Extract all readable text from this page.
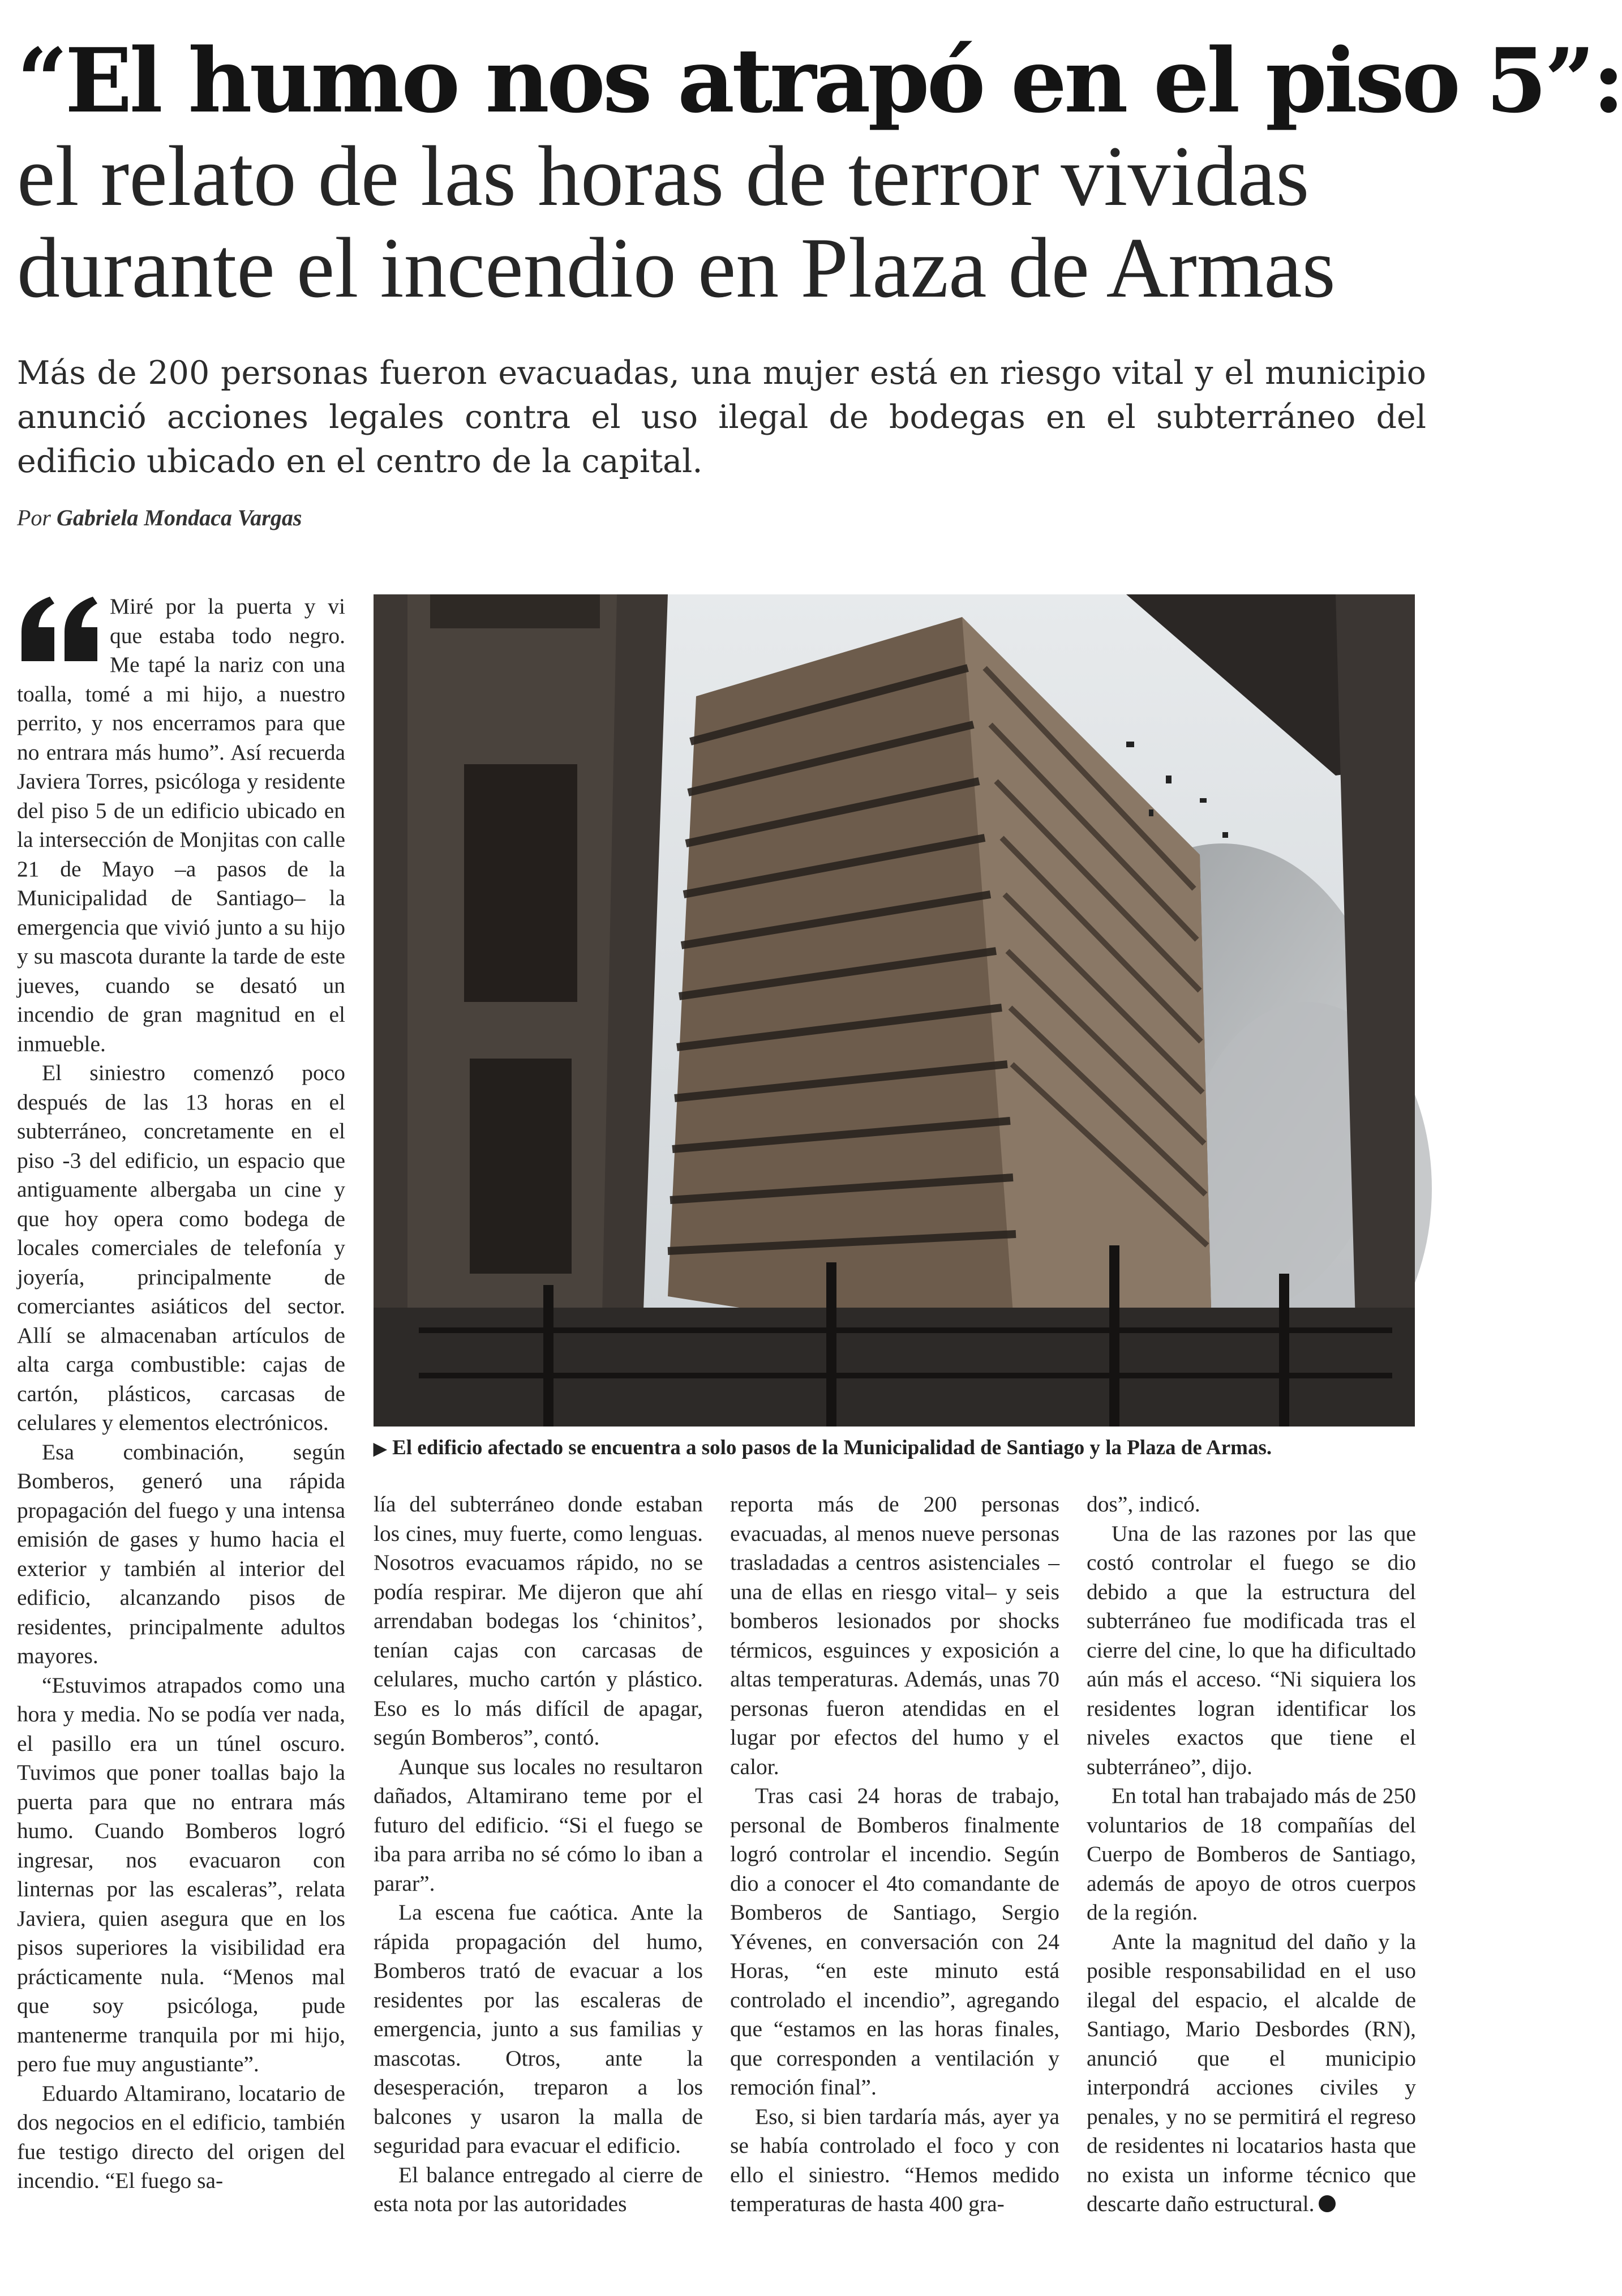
“El humo nos atrapó en el piso 5”:
el relato de las horas de terror vividas durante el incendio en Plaza de Armas
Más de 200 personas fueron evacuadas, una mujer está en riesgo vital y el municipio anunció acciones legales contra el uso ilegal de bodegas en el subterráneo del edificio ubicado en el centro de la capital.
Por Gabriela Mondaca Vargas

Miré por la puerta y vi que estaba todo negro. Me tapé la nariz con una toalla, tomé a mi hijo, a nuestro perrito, y nos encerramos para que no entrara más humo”. Así recuerda Javiera Torres, psicóloga y residente del piso 5 de un edificio ubicado en la intersección de Monjitas con calle 21 de Mayo –a pasos de la Municipalidad de Santiago– la emergencia que vivió junto a su hijo y su mascota durante la tarde de este jueves, cuando se desató un incendio de gran magnitud en el inmueble.

El siniestro comenzó poco después de las 13 horas en el subterráneo, concretamente en el piso -3 del edificio, un espacio que antiguamente albergaba un cine y que hoy opera como bodega de locales comerciales de telefonía y joyería, principalmente de comerciantes asiáticos del sector. Allí se almacenaban artículos de alta carga combustible: cajas de cartón, plásticos, carcasas de celulares y elementos electrónicos.

Esa combinación, según Bomberos, generó una rápida propagación del fuego y una intensa emisión de gases y humo hacia el exterior y también al interior del edificio, alcanzando pisos de residentes, principalmente adultos mayores.

“Estuvimos atrapados como una hora y media. No se podía ver nada, el pasillo era un túnel oscuro. Tuvimos que poner toallas bajo la puerta para que no entrara más humo. Cuando Bomberos logró ingresar, nos evacuaron con linternas por las escaleras”, relata Javiera, quien asegura que en los pisos superiores la visibilidad era prácticamente nula. “Menos mal que soy psicóloga, pude mantenerme tranquila por mi hijo, pero fue muy angustiante”.

Eduardo Altamirano, locatario de dos negocios en el edificio, también fue testigo directo del origen del incendio. “El fuego sa-

▶ El edificio afectado se encuentra a solo pasos de la Municipalidad de Santiago y la Plaza de Armas.

lía del subterráneo donde estaban los cines, muy fuerte, como lenguas. Nosotros evacuamos rápido, no se podía respirar. Me dijeron que ahí arrendaban bodegas los ‘chinitos’, tenían cajas con carcasas de celulares, mucho cartón y plástico. Eso es lo más difícil de apagar, según Bomberos”, contó.

Aunque sus locales no resultaron dañados, Altamirano teme por el futuro del edificio. “Si el fuego se iba para arriba no sé cómo lo iban a parar”.

La escena fue caótica. Ante la rápida propagación del humo, Bomberos trató de evacuar a los residentes por las escaleras de emergencia, junto a sus familias y mascotas. Otros, ante la desesperación, treparon a los balcones y usaron la malla de seguridad para evacuar el edificio.

El balance entregado al cierre de esta nota por las autoridades

reporta más de 200 personas evacuadas, al menos nueve personas trasladadas a centros asistenciales –una de ellas en riesgo vital– y seis bomberos lesionados por shocks térmicos, esguinces y exposición a altas temperaturas. Además, unas 70 personas fueron atendidas en el lugar por efectos del humo y el calor.

Tras casi 24 horas de trabajo, personal de Bomberos finalmente logró controlar el incendio. Según dio a conocer el 4to comandante de Bomberos de Santiago, Sergio Yévenes, en conversación con 24 Horas, “en este minuto está controlado el incendio”, agregando que “estamos en las horas finales, que corresponden a ventilación y remoción final”.

Eso, si bien tardaría más, ayer ya se había controlado el foco y con ello el siniestro. “Hemos medido temperaturas de hasta 400 gra-

dos”, indicó.

Una de las razones por las que costó controlar el fuego se dio debido a que la estructura del subterráneo fue modificada tras el cierre del cine, lo que ha dificultado aún más el acceso. “Ni siquiera los residentes logran identificar los niveles exactos que tiene el subterráneo”, dijo.

En total han trabajado más de 250 voluntarios de 18 compañías del Cuerpo de Bomberos de Santiago, además de apoyo de otros cuerpos de la región.

Ante la magnitud del daño y la posible responsabilidad en el uso ilegal del espacio, el alcalde de Santiago, Mario Desbordes (RN), anunció que el municipio interpondrá acciones civiles y penales, y no se permitirá el regreso de residentes ni locatarios hasta que no exista un informe técnico que descarte daño estructural.
